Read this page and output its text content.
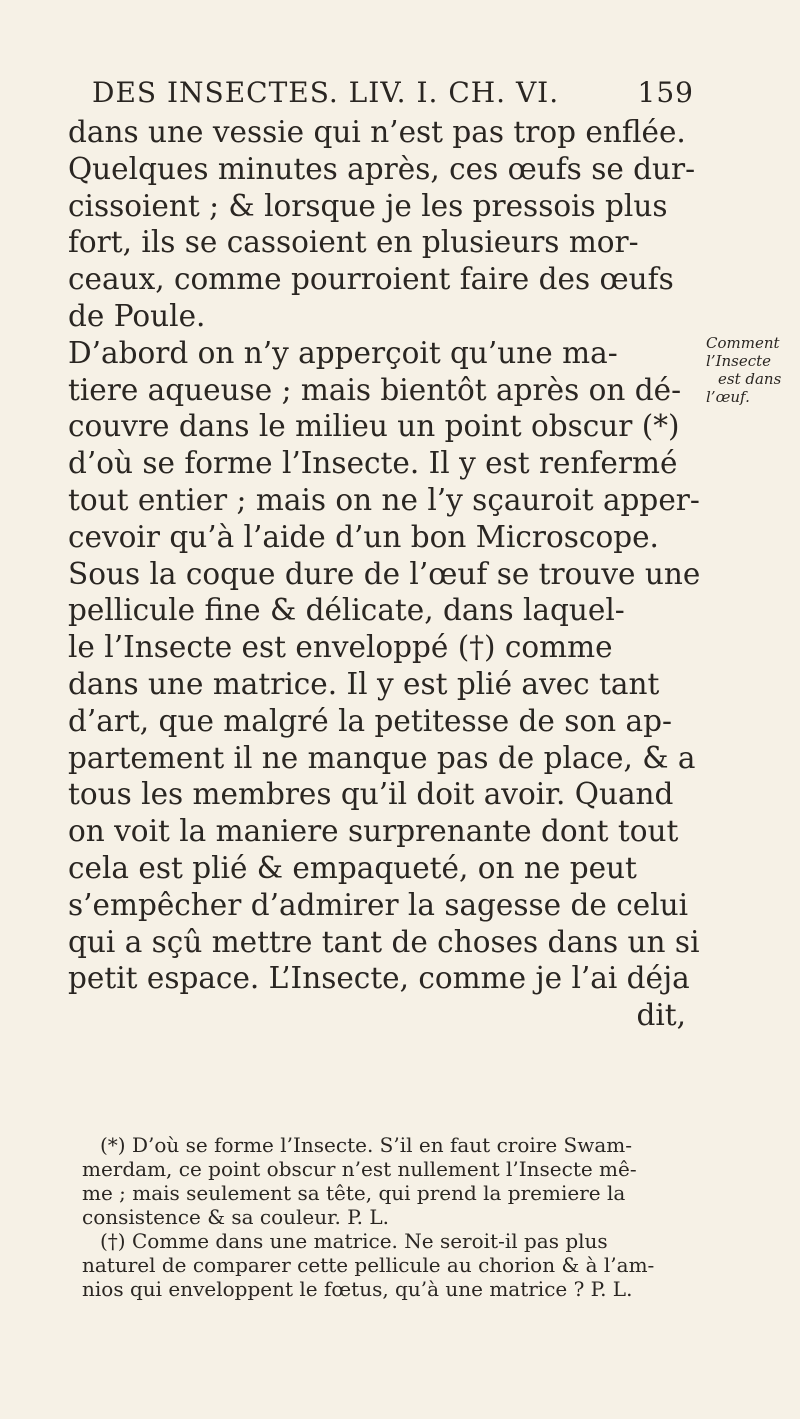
DES INSECTES. LIV. I. CH. VI.	159
dans une vessie qui n’est pas trop enflée.
Quelques minutes après, ces œufs se dur-
cissoient ; & lorsque je les pressois plus
fort, ils se cassoient en plusieurs mor-
ceaux, comme pourroient faire des œufs
de Poule.
D’abord on n’y apperçoit qu’une ma-
tiere aqueuse ; mais bientôt après on dé-
couvre dans le milieu un point obscur (*)
d’où se forme l’Insecte. Il y est renfermé
tout entier ; mais on ne l’y sçauroit apper-
cevoir qu’à l’aide d’un bon Microscope.
Sous la coque dure de l’œuf se trouve une
pellicule fine & délicate, dans laquel-
le l’Insecte est enveloppé (†) comme
dans une matrice. Il y est plié avec tant
d’art, que malgré la petitesse de son ap-
partement il ne manque pas de place, & a
tous les membres qu’il doit avoir. Quand
on voit la maniere surprenante dont tout
cela est plié & empaqueté, on ne peut
s’empêcher d’admirer la sagesse de celui
qui a sçû mettre tant de choses dans un si
petit espace. L’Insecte, comme je l’ai déja
dit,
Comment
l’Insecte
est dans
l’œuf.
(*) D’où se forme l’Insecte. S’il en faut croire Swam-
merdam, ce point obscur n’est nullement l’Insecte mê-
me ; mais seulement sa tête, qui prend la premiere la
consistence & sa couleur. P. L.
(†) Comme dans une matrice. Ne seroit-il pas plus
naturel de comparer cette pellicule au chorion & à l’am-
nios qui enveloppent le fœtus, qu’à une matrice ? P. L.
